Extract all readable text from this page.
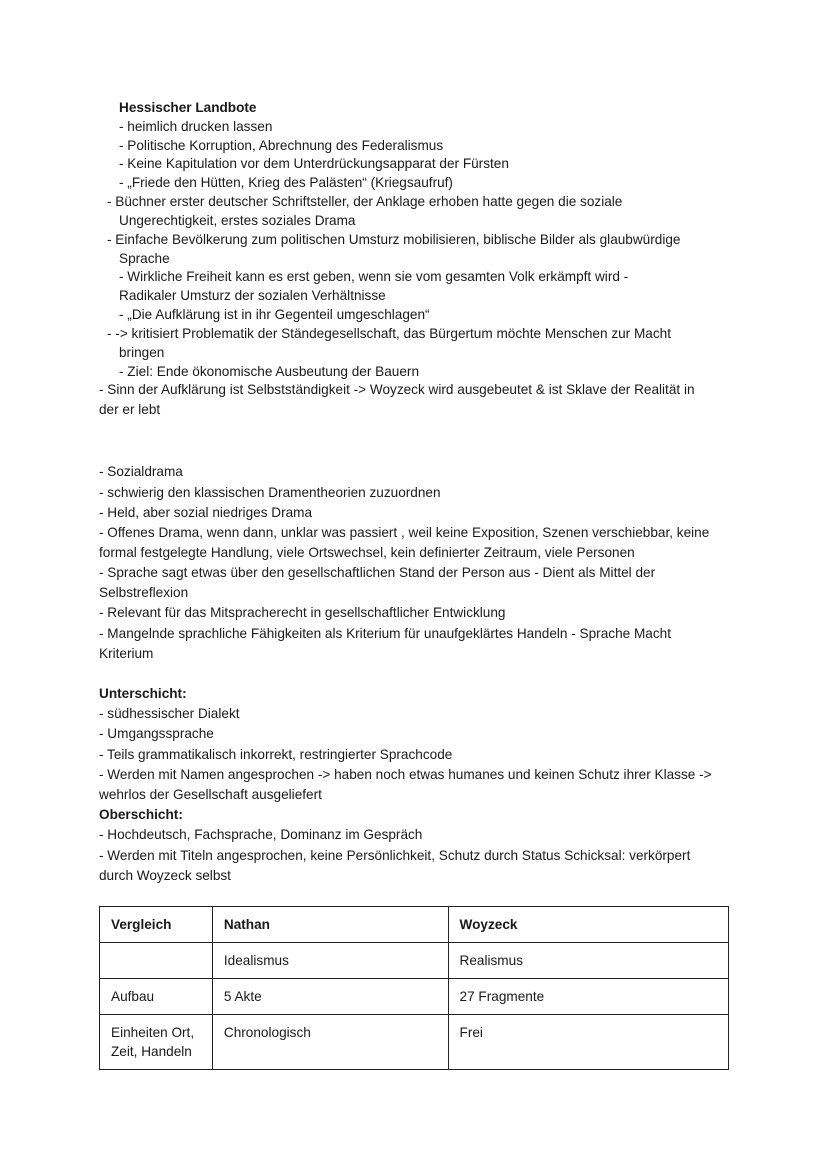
Hessischer Landbote
- heimlich drucken lassen
- Politische Korruption, Abrechnung des Federalismus
- Keine Kapitulation vor dem Unterdrückungsapparat der Fürsten
- „Friede den Hütten, Krieg des Palästen“ (Kriegsaufruf)
- Büchner erster deutscher Schriftsteller, der Anklage erhoben hatte gegen die soziale
Ungerechtigkeit, erstes soziales Drama
- Einfache Bevölkerung zum politischen Umsturz mobilisieren, biblische Bilder als glaubwürdige
Sprache
- Wirkliche Freiheit kann es erst geben, wenn sie vom gesamten Volk erkämpft wird -
Radikaler Umsturz der sozialen Verhältnisse
- „Die Aufklärung ist in ihr Gegenteil umgeschlagen“
- -> kritisiert Problematik der Ständegesellschaft, das Bürgertum möchte Menschen zur Macht
bringen
- Ziel: Ende ökonomische Ausbeutung der Bauern
- Sinn der Aufklärung ist Selbstständigkeit -> Woyzeck wird ausgebeutet & ist Sklave der Realität in
der er lebt
- Sozialdrama
- schwierig den klassischen Dramentheorien zuzuordnen
- Held, aber sozial niedriges Drama
- Offenes Drama, wenn dann, unklar was passiert , weil keine Exposition, Szenen verschiebbar, keine
formal festgelegte Handlung, viele Ortswechsel, kein definierter Zeitraum, viele Personen
- Sprache sagt etwas über den gesellschaftlichen Stand der Person aus - Dient als Mittel der
Selbstreflexion
- Relevant für das Mitspracherecht in gesellschaftlicher Entwicklung
- Mangelnde sprachliche Fähigkeiten als Kriterium für unaufgeklärtes Handeln - Sprache Macht
Kriterium
Unterschicht:
- südhessischer Dialekt
- Umgangssprache
- Teils grammatikalisch inkorrekt, restringierter Sprachcode
- Werden mit Namen angesprochen -> haben noch etwas humanes und keinen Schutz ihrer Klasse ->
wehrlos der Gesellschaft ausgeliefert
Oberschicht:
- Hochdeutsch, Fachsprache, Dominanz im Gespräch
- Werden mit Titeln angesprochen, keine Persönlichkeit, Schutz durch Status Schicksal: verkörpert
durch Woyzeck selbst
Vergleich	Nathan	Woyzeck
	Idealismus	Realismus
Aufbau	5 Akte	27 Fragmente

Einheiten Ort,
Zeit, Handeln	Chronologisch	Frei
